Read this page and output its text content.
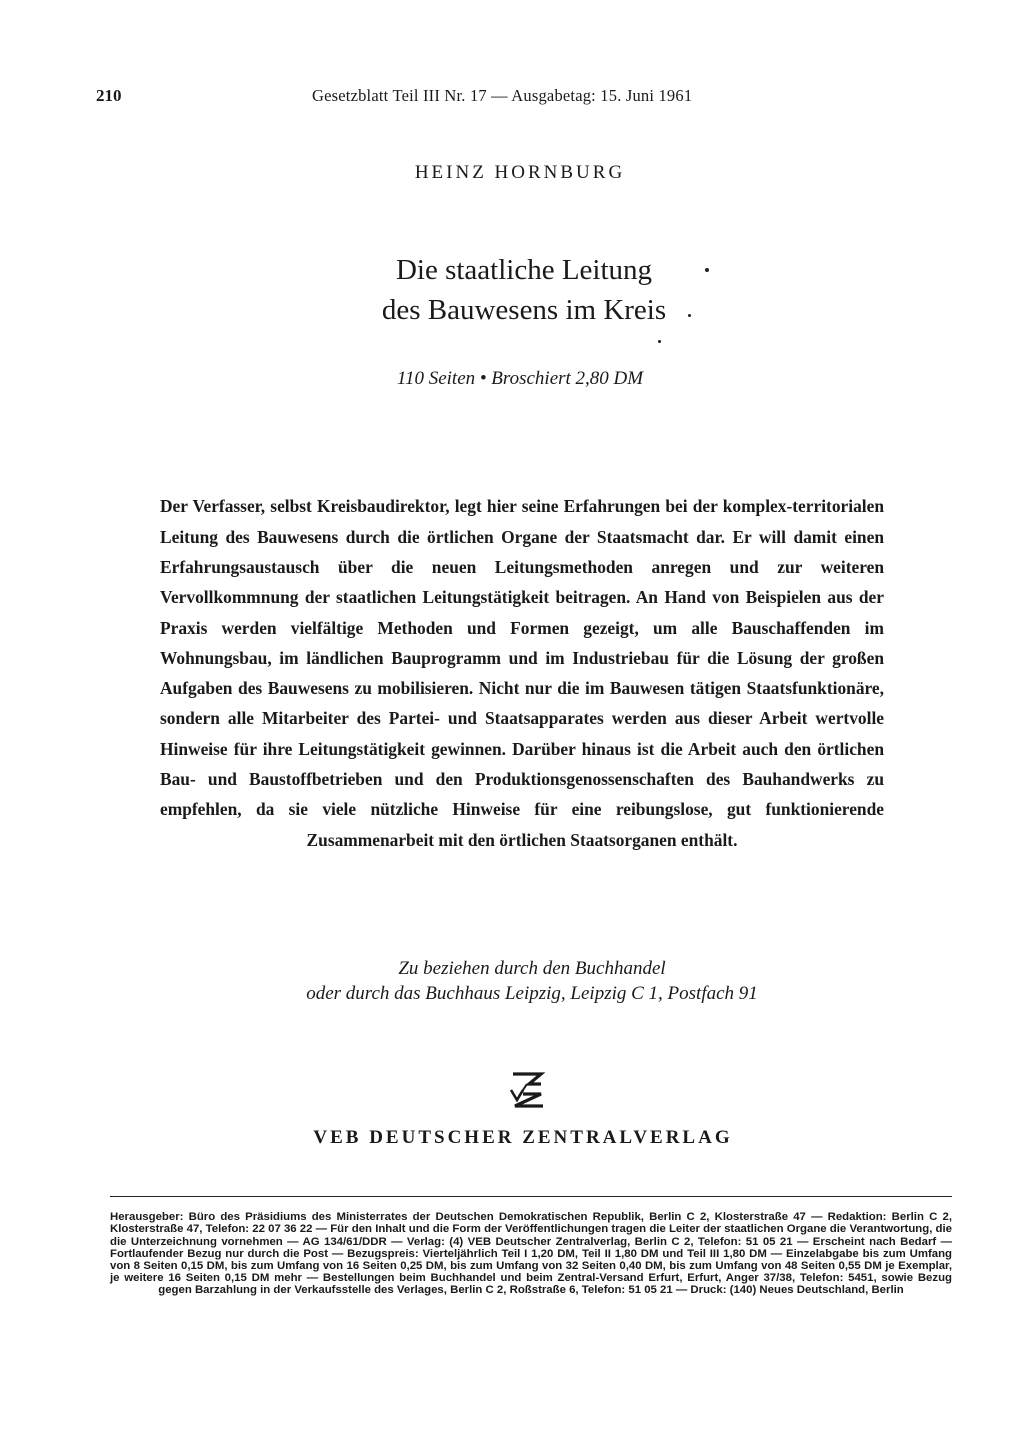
210	Gesetzblatt Teil III Nr. 17 — Ausgabetag: 15. Juni 1961
HEINZ HORNBURG
Die staatliche Leitung
des Bauwesens im Kreis
110 Seiten • Broschiert 2,80 DM

Der Verfasser, selbst Kreisbaudirektor, legt hier seine Erfahrungen bei der komplex-territorialen Leitung des Bauwesens durch die örtlichen Organe der Staatsmacht dar. Er will damit einen Erfahrungsaustausch über die neuen Leitungsmethoden anregen und zur weiteren Vervollkommnung der staatlichen Leitungstätigkeit beitragen. An Hand von Beispielen aus der Praxis werden vielfältige Methoden und Formen gezeigt, um alle Bauschaffenden im Wohnungsbau, im ländlichen Bauprogramm und im Industriebau für die Lösung der großen Aufgaben des Bauwesens zu mobilisieren. Nicht nur die im Bauwesen tätigen Staatsfunktionäre, sondern alle Mitarbeiter des Partei- und Staatsapparates werden aus dieser Arbeit wertvolle Hinweise für ihre Leitungstätigkeit gewinnen. Darüber hinaus ist die Arbeit auch den örtlichen Bau- und Baustoffbetrieben und den Produktionsgenossenschaften des Bauhandwerks zu empfehlen, da sie viele nützliche Hinweise für eine reibungslose, gut funktionierende Zusammenarbeit mit den örtlichen Staatsorganen enthält.

Zu beziehen durch den Buchhandel
oder durch das Buchhaus Leipzig, Leipzig C 1, Postfach 91
VEB DEUTSCHER ZENTRALVERLAG

Herausgeber: Büro des Präsidiums des Ministerrates der Deutschen Demokratischen Republik, Berlin C 2, Klosterstraße 47 — Redaktion: Berlin C 2, Klosterstraße 47, Telefon: 22 07 36 22 — Für den Inhalt und die Form der Veröffentlichungen tragen die Leiter der staatlichen Organe die Verantwortung, die die Unterzeichnung vornehmen — AG 134/61/DDR — Verlag: (4) VEB Deutscher Zentralverlag, Berlin C 2, Telefon: 51 05 21 — Erscheint nach Bedarf — Fortlaufender Bezug nur durch die Post — Bezugspreis: Vierteljährlich Teil I 1,20 DM, Teil II 1,80 DM und Teil III 1,80 DM — Einzelabgabe bis zum Umfang von 8 Seiten 0,15 DM, bis zum Umfang von 16 Seiten 0,25 DM, bis zum Umfang von 32 Seiten 0,40 DM, bis zum Umfang von 48 Seiten 0,55 DM je Exemplar, je weitere 16 Seiten 0,15 DM mehr — Bestellungen beim Buchhandel und beim Zentral-Versand Erfurt, Erfurt, Anger 37/38, Telefon: 5451, sowie Bezug gegen Barzahlung in der Verkaufsstelle des Verlages, Berlin C 2, Roßstraße 6, Telefon: 51 05 21 — Druck: (140) Neues Deutschland, Berlin
